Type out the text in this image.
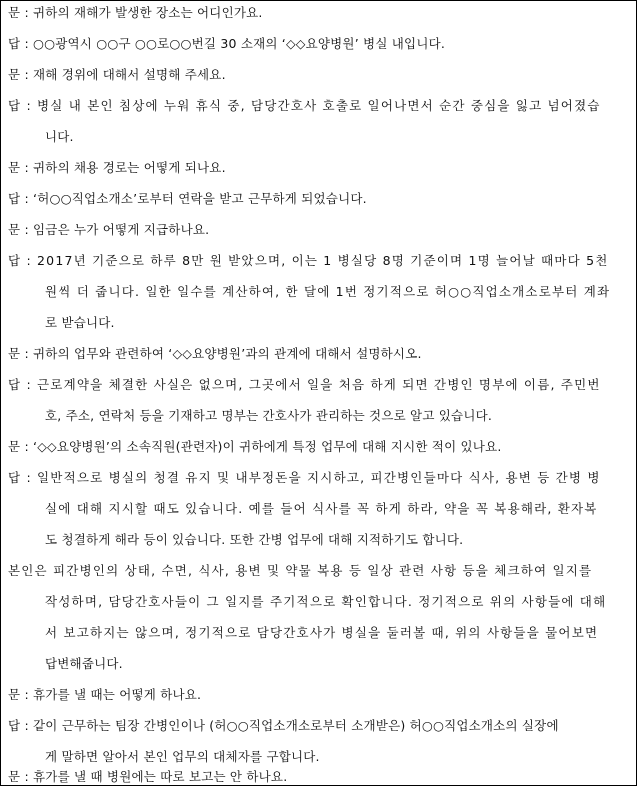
문 : 귀하의 재해가 발생한 장소는 어디인가요.
답 : ○○광역시 ○○구 ○○로○○번길 30 소재의 ‘◇◇요양병원’ 병실 내입니다.
문 : 재해 경위에 대해서 설명해 주세요.
답 : 병실 내 본인 침상에 누워 휴식 중, 담당간호사 호출로 일어나면서 순간 중심을 잃고 넘어졌습
니다.
문 : 귀하의 채용 경로는 어떻게 되나요.
답 : ‘허○○직업소개소’로부터 연락을 받고 근무하게 되었습니다.
문 : 임금은 누가 어떻게 지급하나요.
답 : 2017년 기준으로 하루 8만 원 받았으며, 이는 1 병실당 8명 기준이며 1명 늘어날 때마다 5천
원씩 더 줍니다. 일한 일수를 계산하여, 한 달에 1번 정기적으로 허○○직업소개소로부터 계좌
로 받습니다.
문 : 귀하의 업무와 관련하여 ‘◇◇요양병원’과의 관계에 대해서 설명하시오.
답 : 근로계약을 체결한 사실은 없으며, 그곳에서 일을 처음 하게 되면 간병인 명부에 이름, 주민번
호, 주소, 연락처 등을 기재하고 명부는 간호사가 관리하는 것으로 알고 있습니다.
문 : ‘◇◇요양병원’의 소속직원(관련자)이 귀하에게 특정 업무에 대해 지시한 적이 있나요.
답 : 일반적으로 병실의 청결 유지 및 내부정돈을 지시하고, 피간병인들마다 식사, 용변 등 간병 병
실에 대해 지시할 때도 있습니다. 예를 들어 식사를 꼭 하게 하라, 약을 꼭 복용해라, 환자복
도 청결하게 해라 등이 있습니다. 또한 간병 업무에 대해 지적하기도 합니다.
본인은 피간병인의 상태, 수면, 식사, 용변 및 약물 복용 등 일상 관련 사항 등을 체크하여 일지를
작성하며, 담당간호사들이 그 일지를 주기적으로 확인합니다. 정기적으로 위의 사항들에 대해
서 보고하지는 않으며, 정기적으로 담당간호사가 병실을 둘러볼 때, 위의 사항들을 물어보면
답변해줍니다.
문 : 휴가를 낼 때는 어떻게 하나요.
답 : 같이 근무하는 팀장 간병인이나 (허○○직업소개소로부터 소개받은) 허○○직업소개소의 실장에
게 말하면 알아서 본인 업무의 대체자를 구합니다.
문 : 휴가를 낼 때 병원에는 따로 보고는 안 하나요.
